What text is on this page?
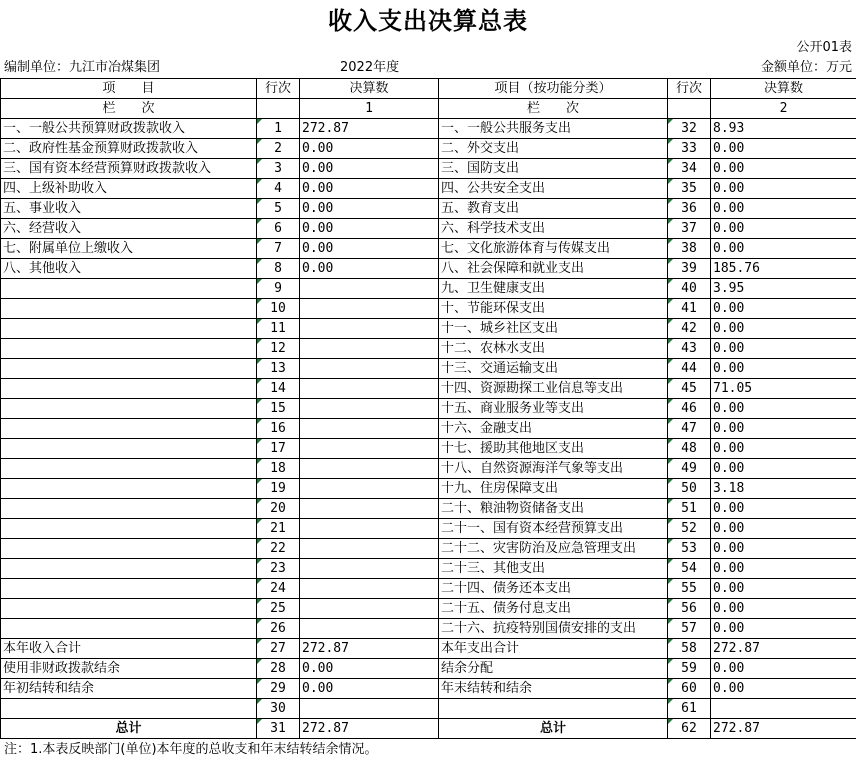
收入支出决算总表
公开01表
编制单位：九江市冶煤集团	2022年度	金额单位：万元
项　　目	行次	决算数	项目（按功能分类）	行次	决算数
栏　　次		1	栏　　次		2
一、一般公共预算财政拨款收入	1	272.87	一、一般公共服务支出	32	8.93
二、政府性基金预算财政拨款收入	2	0.00	二、外交支出	33	0.00
三、国有资本经营预算财政拨款收入	3	0.00	三、国防支出	34	0.00
四、上级补助收入	4	0.00	四、公共安全支出	35	0.00
五、事业收入	5	0.00	五、教育支出	36	0.00
六、经营收入	6	0.00	六、科学技术支出	37	0.00
七、附属单位上缴收入	7	0.00	七、文化旅游体育与传媒支出	38	0.00
八、其他收入	8	0.00	八、社会保障和就业支出	39	185.76
	9		九、卫生健康支出	40	3.95
	10		十、节能环保支出	41	0.00
	11		十一、城乡社区支出	42	0.00
	12		十二、农林水支出	43	0.00
	13		十三、交通运输支出	44	0.00
	14		十四、资源勘探工业信息等支出	45	71.05
	15		十五、商业服务业等支出	46	0.00
	16		十六、金融支出	47	0.00
	17		十七、援助其他地区支出	48	0.00
	18		十八、自然资源海洋气象等支出	49	0.00
	19		十九、住房保障支出	50	3.18
	20		二十、粮油物资储备支出	51	0.00
	21		二十一、国有资本经营预算支出	52	0.00
	22		二十二、灾害防治及应急管理支出	53	0.00
	23		二十三、其他支出	54	0.00
	24		二十四、债务还本支出	55	0.00
	25		二十五、债务付息支出	56	0.00
	26		二十六、抗疫特别国债安排的支出	57	0.00
本年收入合计	27	272.87	本年支出合计	58	272.87
使用非财政拨款结余	28	0.00	结余分配	59	0.00
年初结转和结余	29	0.00	年末结转和结余	60	0.00
	30			61	
总计	31	272.87	总计	62	272.87
注：1.本表反映部门(单位)本年度的总收支和年末结转结余情况。
